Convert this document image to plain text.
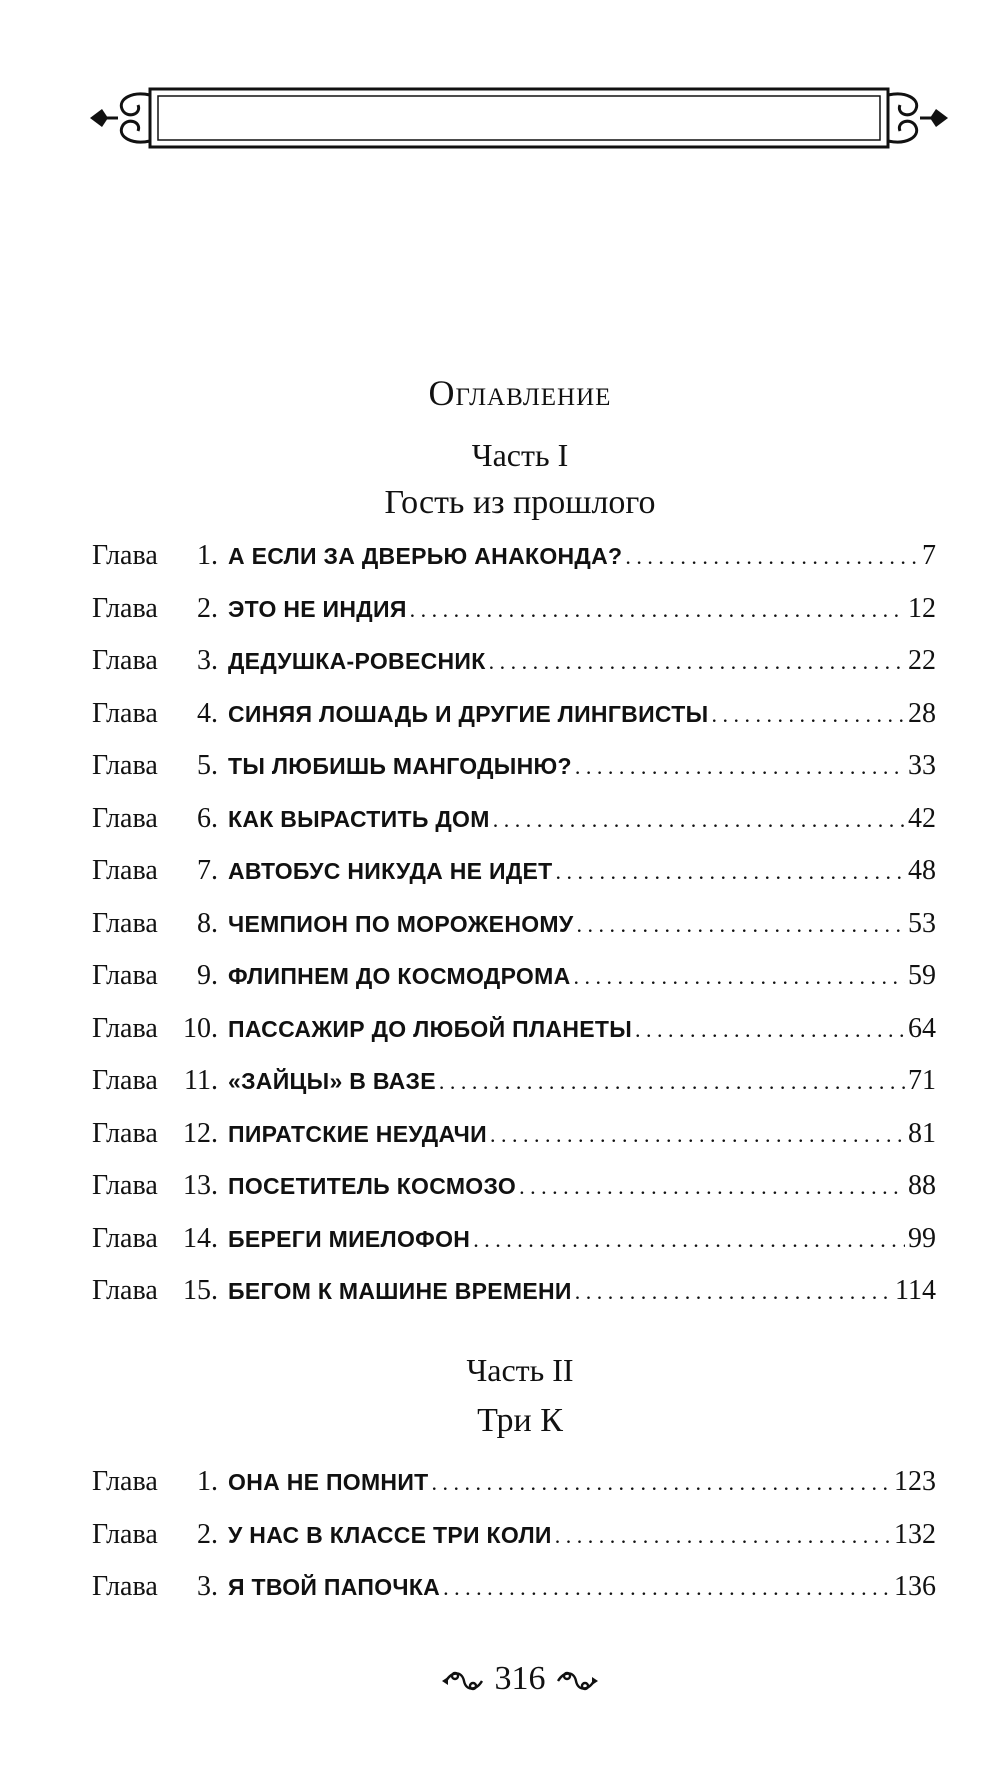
Оглавление
Часть I
Гость из прошлого
Глава	1. А ЕСЛИ ЗА ДВЕРЬЮ АНАКОНДА? . . .	7
Глава	2. ЭТО НЕ ИНДИЯ . . .	12
Глава	3. ДЕДУШКА-РОВЕСНИК . . .	22
Глава	4. СИНЯЯ ЛОШАДЬ И ДРУГИЕ ЛИНГВИСТЫ . . .	28
Глава	5. ТЫ ЛЮБИШЬ МАНГОДЫНЮ? . . .	33
Глава	6. КАК ВЫРАСТИТЬ ДОМ . . .	42
Глава	7. АВТОБУС НИКУДА НЕ ИДЕТ . . .	48
Глава	8. ЧЕМПИОН ПО МОРОЖЕНОМУ . . .	53
Глава	9. ФЛИПНЕМ ДО КОСМОДРОМА . . .	59
Глава 10. ПАССАЖИР ДО ЛЮБОЙ ПЛАНЕТЫ . . .	64
Глава 11. «ЗАЙЦЫ» В ВАЗЕ . . .	71
Глава 12. ПИРАТСКИЕ НЕУДАЧИ . . .	81
Глава 13. ПОСЕТИТЕЛЬ КОСМОЗО . . .	88
Глава 14. БЕРЕГИ МИЕЛОФОН . . .	99
Глава 15. БЕГОМ К МАШИНЕ ВРЕМЕНИ . . .	114
Часть II
Три К
Глава	1. ОНА НЕ ПОМНИТ . . .	123
Глава	2. У НАС В КЛАССЕ ТРИ КОЛИ . . .	132
Глава	3. Я ТВОЙ ПАПОЧКА . . .	136
316
